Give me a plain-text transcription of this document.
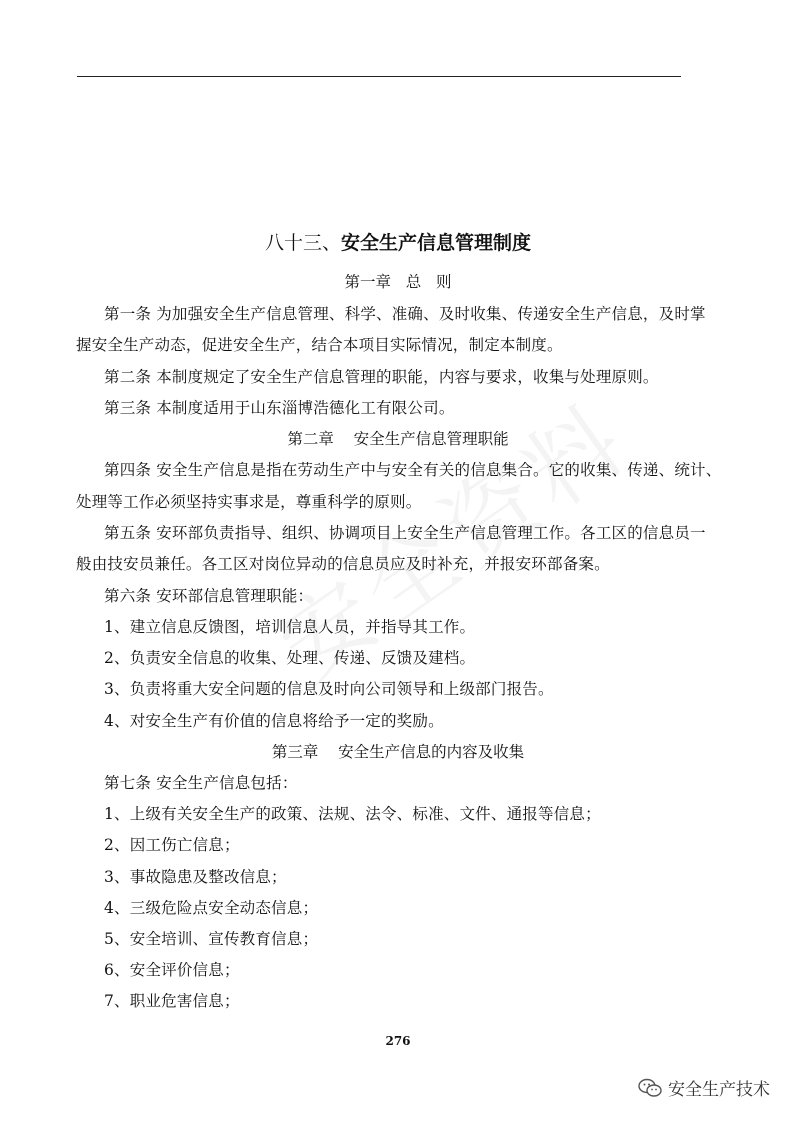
八十三、安全生产信息管理制度
第一章   总   则
第一条 为加强安全生产信息管理、科学、准确、及时收集、传递安全生产信息，及时掌
握安全生产动态，促进安全生产，结合本项目实际情况，制定本制度。
第二条 本制度规定了安全生产信息管理的职能，内容与要求，收集与处理原则。
第三条 本制度适用于山东淄博浩德化工有限公司。
第二章    安全生产信息管理职能
第四条 安全生产信息是指在劳动生产中与安全有关的信息集合。它的收集、传递、统计、
处理等工作必须坚持实事求是，尊重科学的原则。
第五条 安环部负责指导、组织、协调项目上安全生产信息管理工作。各工区的信息员一
般由技安员兼任。各工区对岗位异动的信息员应及时补充，并报安环部备案。
第六条 安环部信息管理职能：
1、建立信息反馈图，培训信息人员，并指导其工作。
2、负责安全信息的收集、处理、传递、反馈及建档。
3、负责将重大安全问题的信息及时向公司领导和上级部门报告。
4、对安全生产有价值的信息将给予一定的奖励。
第三章    安全生产信息的内容及收集
第七条 安全生产信息包括：
1、上级有关安全生产的政策、法规、法令、标准、文件、通报等信息；
2、因工伤亡信息；
3、事故隐患及整改信息；
4、三级危险点安全动态信息；
5、安全培训、宣传教育信息；
6、安全评价信息；
7、职业危害信息；
276
安全生产技术
